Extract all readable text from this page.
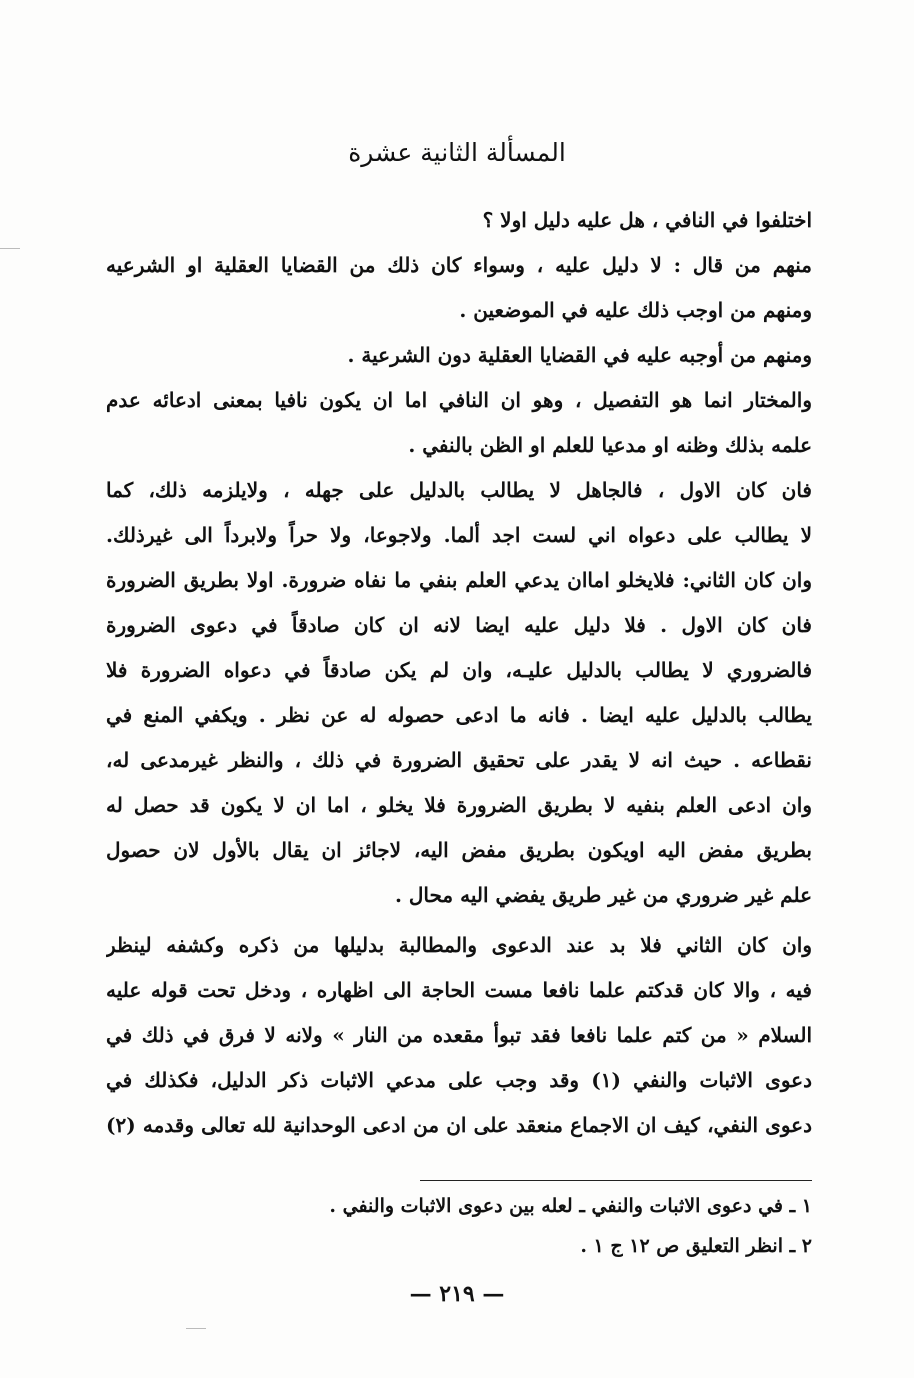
المسألة الثانية عشرة
اختلفوا في النافي ، هل عليه دليل اولا ؟
منهم من قال : لا دليل عليه ، وسواء كان ذلك من القضايا العقلية او الشرعيه
ومنهم من اوجب ذلك عليه في الموضعين .
ومنهم من أوجبه عليه في القضايا العقلية دون الشرعية .
والمختار انما هو التفصيل ، وهو ان النافي اما ان يكون نافيا بمعنى ادعائه عدم
علمه بذلك وظنه او مدعيا للعلم او الظن بالنفي .
فان كان الاول ، فالجاهل لا يطالب بالدليل على جهله ، ولايلزمه ذلك، كما
لا يطالب على دعواه اني لست اجد ألما. ولاجوعا، ولا حراً ولابرداً الى غيرذلك.
وان كان الثاني: فلايخلو اماان يدعي العلم بنفي ما نفاه ضرورة. اولا بطريق الضرورة
فان كان الاول . فلا دليل عليه ايضا لانه ان كان صادقاً في دعوى الضرورة
فالضروري لا يطالب بالدليل عليـه، وان لم يكن صادقاً في دعواه الضرورة فلا
يطالب بالدليل عليه ايضا . فانه ما ادعى حصوله له عن نظر . ويكفي المنع في
نقطاعه . حيث انه لا يقدر على تحقيق الضرورة في ذلك ، والنظر غيرمدعى له،
وان ادعى العلم بنفيه لا بطريق الضرورة فلا يخلو ، اما ان لا يكون قد حصل له
بطريق مفض اليه اويكون بطريق مفض اليه، لاجائز ان يقال بالأول لان حصول
علم غير ضروري من غير طريق يفضي اليه محال .
وان كان الثاني فلا بد عند الدعوى والمطالبة بدليلها من ذكره وكشفه لينظر
فيه ، والا كان قدكتم علما نافعا مست الحاجة الى اظهاره ، ودخل تحت قوله عليه
السلام « من كتم علما نافعا فقد تبوأ مقعده من النار » ولانه لا فرق في ذلك في
دعوى الاثبات والنفي (١) وقد وجب على مدعي الاثبات ذكر الدليل، فكذلك في
دعوى النفي، كيف ان الاجماع منعقد على ان من ادعى الوحدانية لله تعالى وقدمه (٢)
١ ـ في دعوى الاثبات والنفي ـ لعله بين دعوى الاثبات والنفي .
٢ ـ انظر التعليق ص ١٢ ج ١ .
— ٢١٩ —
